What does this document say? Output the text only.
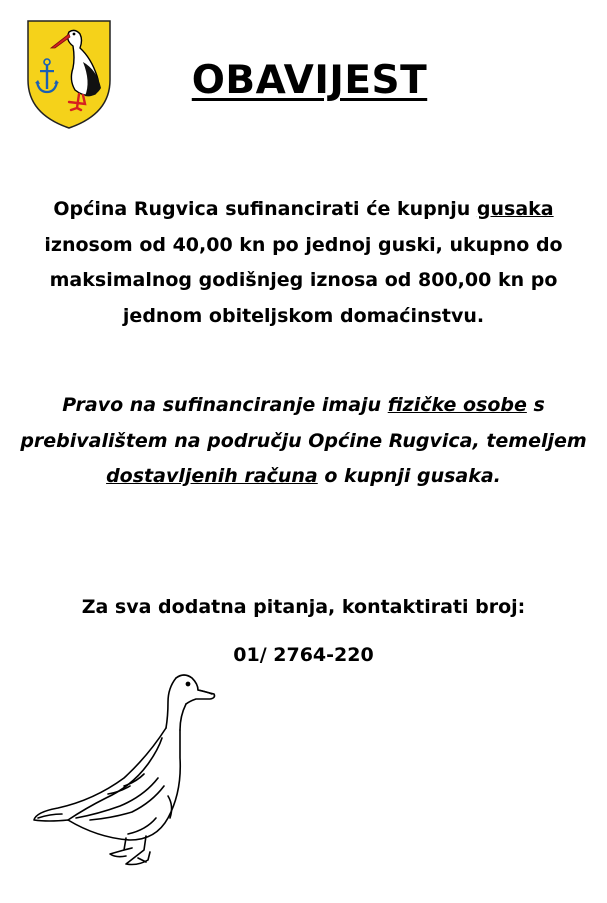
OBAVIJEST

Općina Rugvica sufinancirati će kupnju gusaka iznosom od 40,00 kn po jednoj guski, ukupno do maksimalnog godišnjeg iznosa od 800,00 kn po jednom obiteljskom domaćinstvu.

Pravo na sufinanciranje imaju fizičke osobe s prebivalištem na području Općine Rugvica, temeljem dostavljenih računa o kupnji gusaka.

Za sva dodatna pitanja, kontaktirati broj:

01/ 2764-220
